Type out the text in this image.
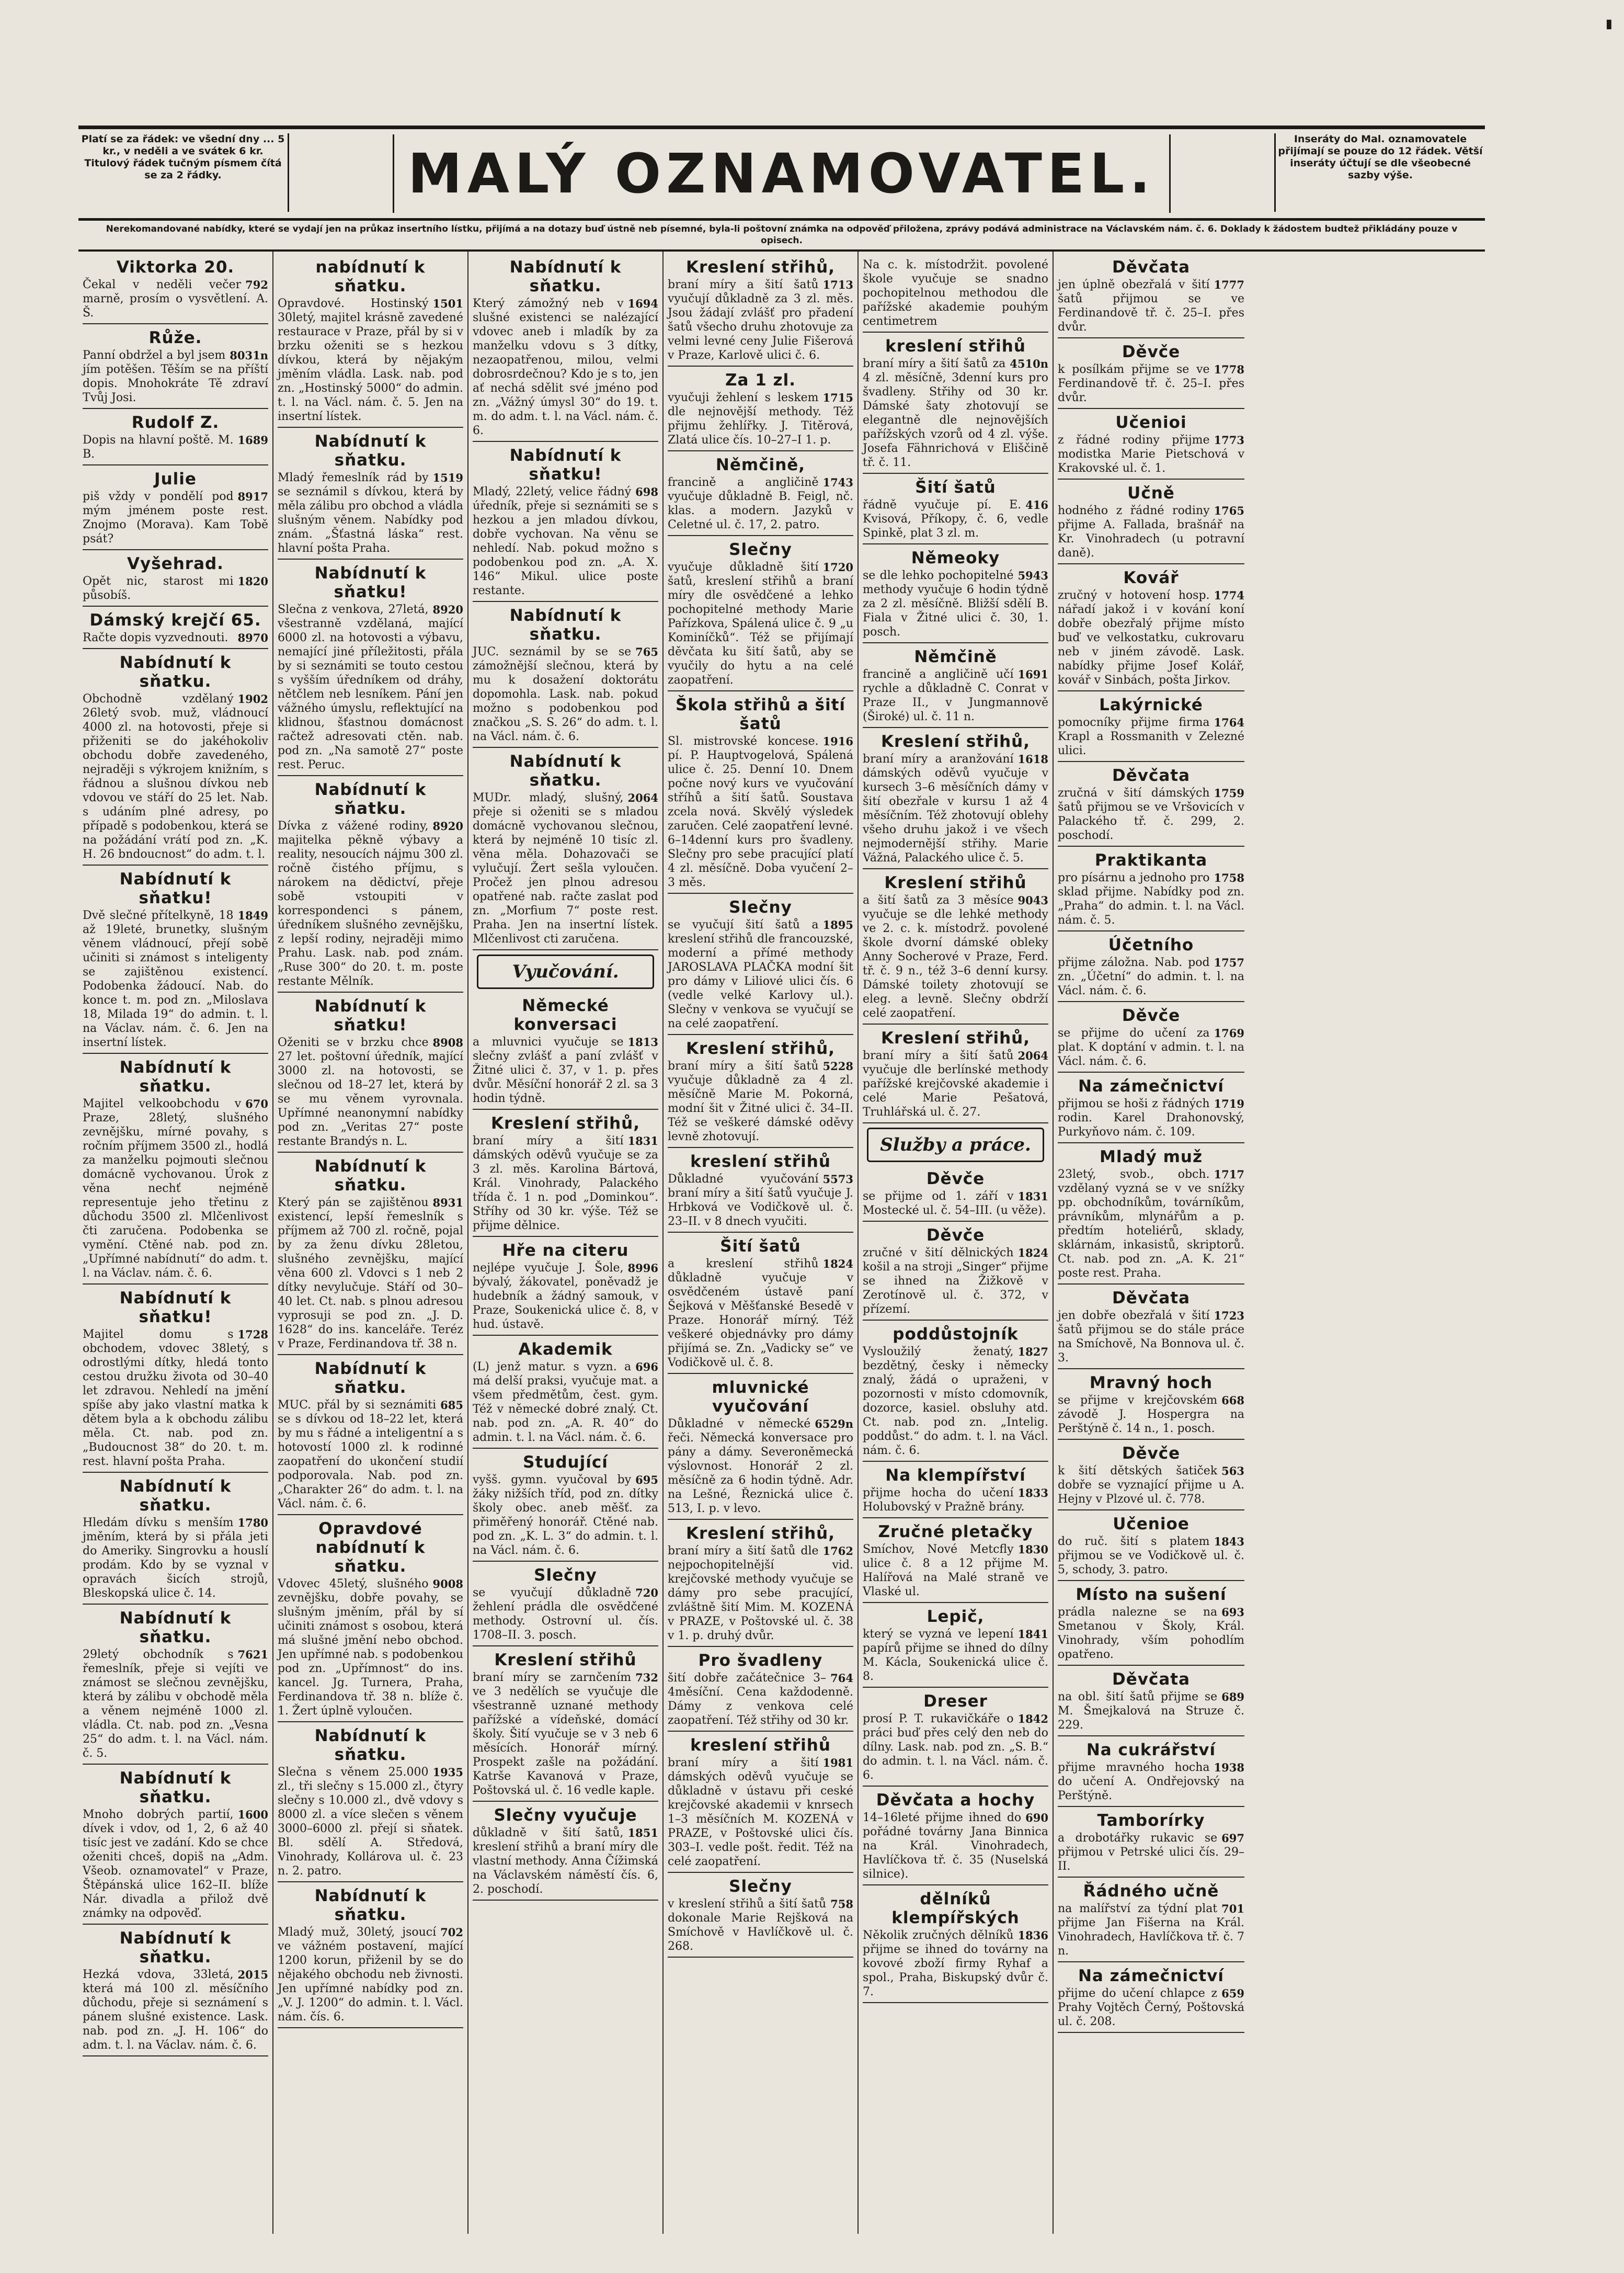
▮
Platí se za řádek: ve všední dny ... 5 kr., v neděli a ve svátek 6 kr. Titulový řádek tučným písmem čítá se za 2 řádky.	MALÝ OZNAMOVATEL.
Inseráty do Mal. oznamovatele přijímají se pouze do 12 řádek. Větší inseráty účtují se dle všeobecné sazby výše.
Nerekomandované nabídky, které se vydají jen na průkaz insertního lístku, přijímá a na dotazy buď ústně neb písemné, byla-li poštovní známka na odpověď přiložena, zprávy podává administrace na Václavském nám. č. 6. Doklady k žádostem budtež přikládány pouze v opisech.
Viktorka 20.
792
Čekal v neděli večer marně, prosím o vysvětlení. A. Š.
Růže.
8031n
Panní obdržel a byl jsem jím potěšen. Těším se na příští dopis. Mnohokráte Tě zdraví Tvůj Josi.
Rudolf Z.
1689
Dopis na hlavní poště. M. B.
Julie
8917
piš vždy v pondělí pod mým jménem poste rest. Znojmo (Morava). Kam Tobě psát?
Vyšehrad.
1820
Opět nic, starost mi působíš.
Dámský krejčí 65.
8970
Račte dopis vyzvednouti.
Nabídnutí k sňatku.
1902
Obchodně vzdělaný 26letý svob. muž, vládnoucí 4000 zl. na hotovosti, přeje si přiženiti se do jakéhokoliv obchodu dobře zavedeného, nejraději s výkrojem knižním, s řádnou a slušnou dívkou neb vdovou ve stáří do 25 let. Nab. s udáním plné adresy, po případě s podobenkou, která se na požádání vrátí pod zn. „K. H. 26 bndoucnost“ do adm. t. l.
Nabídnutí k sňatku!
1849
Dvě slečné přítelkyně, 18 až 19leté, brunetky, slušným věnem vládnoucí, přejí sobě učiniti si známost s inteligenty se zajištěnou existencí. Podobenka žádoucí. Nab. do konce t. m. pod zn. „Miloslava 18, Milada 19“ do admin. t. l. na Václav. nám. č. 6. Jen na insertní lístek.
Nabídnutí k sňatku.
670
Majitel velkoobchodu v Praze, 28letý, slušného zevnějšku, mírné povahy, s ročním příjmem 3500 zl., hodlá za manželku pojmouti slečnou domácně vychovanou. Úrok z věna nechť nejméně representuje jeho třetinu z důchodu 3500 zl. Mlčenlivost čti zaručena. Podobenka se vymění. Ctěné nab. pod zn. „Upřímné nabídnutí“ do adm. t. l. na Václav. nám. č. 6.
Nabídnutí k sňatku!
1728
Majitel domu s obchodem, vdovec 38letý, s odrostlými dítky, hledá tonto cestou družku života od 30–40 let zdravou. Nehledí na jmění spíše aby jako vlastní matka k dětem byla a k obchodu zálibu měla. Ct. nab. pod zn. „Budoucnost 38“ do 20. t. m. rest. hlavní pošta Praha.
Nabídnutí k sňatku.
1780
Hledám dívku s menším jměním, která by si přála jeti do Ameriky. Singrovku a houslí prodám. Kdo by se vyznal v opravách šicích strojů, Bleskopská ulice č. 14.
Nabídnutí k sňatku.
7621
29letý obchodník s řemeslník, přeje si vejíti ve známost se slečnou zevnějšku, která by zálibu v obchodě měla a věnem nejméně 1000 zl. vládla. Ct. nab. pod zn. „Vesna 25“ do adm. t. l. na Václ. nám. č. 5.
Nabídnutí k sňatku.
1600
Mnoho dobrých partií, dívek i vdov, od 1, 2, 6 až 40 tisíc jest ve zadání. Kdo se chce oženiti chceš, dopiš na „Adm. Všeob. oznamovatel“ v Praze, Štěpánská ulice 162–II. blíže Nár. divadla a přilož dvě známky na odpověď.
Nabídnutí k sňatku.
2015
Hezká vdova, 33letá, která má 100 zl. měsíčního důchodu, přeje si seznámení s pánem slušné existence. Lask. nab. pod zn. „J. H. 106“ do adm. t. l. na Václav. nám. č. 6.
nabídnutí k sňatku.
1501
Opravdové. Hostinský 30letý, majitel krásně zavedené restaurace v Praze, přál by si v brzku oženiti se s hezkou dívkou, která by nějakým jměním vládla. Lask. nab. pod zn. „Hostinský 5000“ do admin. t. l. na Václ. nám. č. 5. Jen na insertní lístek.
Nabídnutí k sňatku.
1519
Mladý řemeslník rád by se seznámil s dívkou, která by měla zálibu pro obchod a vládla slušným věnem. Nabídky pod znám. „Šťastná láska“ rest. hlavní pošta Praha.
Nabídnutí k sňatku!
8920
Slečna z venkova, 27letá, všestranně vzdělaná, mající 6000 zl. na hotovosti a výbavu, nemající jiné příležitosti, přála by si seznámiti se touto cestou s vyšším úředníkem od dráhy, nětčlem neb lesníkem. Pání jen vážného úmyslu, reflektující na klidnou, šťastnou domácnost račtež adresovati ctěn. nab. pod zn. „Na samotě 27“ poste rest. Peruc.
Nabídnutí k sňatku.
8920
Dívka z vážené rodiny, majitelka pěkně výbavy a reality, nesoucích nájmu 300 zl. ročně čistého příjmu, s nárokem na dědictví, přeje sobě vstoupiti v korrespondenci s pánem, úředníkem slušného zevnějšku, z lepší rodiny, nejraději mimo Prahu. Lask. nab. pod znám. „Ruse 300“ do 20. t. m. poste restante Mělník.
Nabídnutí k sňatku!
8908
Oženiti se v brzku chce 27 let. poštovní úředník, mající 3000 zl. na hotovosti, se slečnou od 18–27 let, která by se mu věnem vyrovnala. Upřímné neanonymní nabídky pod zn. „Veritas 27“ poste restante Brandýs n. L.
Nabídnutí k sňatku.
8931
Který pán se zajištěnou existencí, lepší řemeslník s příjmem až 700 zl. ročně, pojal by za ženu dívku 28letou, slušného zevnějšku, mající věna 600 zl. Vdovci s 1 neb 2 dítky nevylučuje. Stáří od 30–40 let. Ct. nab. s plnou adresou vyprosuji se pod zn. „J. D. 1628“ do ins. kanceláře. Teréz v Praze, Ferdinandova tř. 38 n.
Nabídnutí k sňatku.
685
MUC. přál by si seznámiti se s dívkou od 18–22 let, která by mu s řádné a inteligentní a s hotovostí 1000 zl. k rodinné zaopatření do ukončení studií podporovala. Nab. pod zn. „Charakter 26“ do adm. t. l. na Václ. nám. č. 6.
Opravdové nabídnutí k sňatku.
9008
Vdovec 45letý, slušného zevnějšku, dobře povahy, se slušným jměním, přál by sí učiniti známost s osobou, která má slušné jmění nebo obchod. Jen upřímné nab. s podobenkou pod zn. „Upřímnost“ do ins. kancel. Jg. Turnera, Praha, Ferdinandova tř. 38 n. blíže č. 1. Žert úplně vyloučen.
Nabídnutí k sňatku.
1935
Slečna s věnem 25.000 zl., tři slečny s 15.000 zl., čtyry slečny s 10.000 zl., dvě vdovy s 8000 zl. a více slečen s věnem 3000–6000 zl. přejí si sňatek. Bl. sdělí A. Středová, Vinohrady, Kollárova ul. č. 23 n. 2. patro.
Nabídnutí k sňatku.
702
Mladý muž, 30letý, jsoucí ve vážném postavení, mající 1200 korun, přiženil by se do nějakého obchodu neb živnosti. Jen upřímné nabídky pod zn. „V. J. 1200“ do admin. t. l. Václ. nám. čís. 6.
Nabídnutí k sňatku.
1694
Který zámožný neb v slušné existenci se nalézající vdovec aneb i mladík by za manželku vdovu s 3 dítky, nezaopatřenou, milou, velmi dobrosrdečnou? Kdo je s to, jen ať nechá sdělit své jméno pod zn. „Vážný úmysl 30“ do 19. t. m. do adm. t. l. na Václ. nám. č. 6.
Nabídnutí k sňatku!
698
Mladý, 22letý, velice řádný úředník, přeje si seznámiti se s hezkou a jen mladou dívkou, dobře vychovan. Na věnu se nehledí. Nab. pokud možno s podobenkou pod zn. „A. X. 146“ Mikul. ulice poste restante.
Nabídnutí k sňatku.
765
JUC. seznámil by se se zámožnější slečnou, která by mu k dosažení doktorátu dopomohla. Lask. nab. pokud možno s podobenkou pod značkou „S. S. 26“ do adm. t. l. na Václ. nám. č. 6.
Nabídnutí k sňatku.
2064
MUDr. mladý, slušný, přeje si oženiti se s mladou domácně vychovanou slečnou, která by nejméně 10 tisíc zl. věna měla. Dohazovači se vylučují. Žert sešla vyloučen. Pročež jen plnou adresou opatřené nab. račte zaslat pod zn. „Morfium 7“ poste rest. Praha. Jen na insertní lístek. Mlčenlivost cti zaručena.
Vyučování.
Německé konversaci
1813
a mluvnici vyučuje se slečny zvlášť a paní zvlášť v Žitné ulici č. 37, v 1. p. přes dvůr. Měsíční honorář 2 zl. sa 3 hodin týdně.
Kreslení střihů,
1831
braní míry a šití dámských oděvů vyučuje se za 3 zl. měs. Karolina Bártová, Král. Vinohrady, Palackého třída č. 1 n. pod „Dominkou“. Stříhy od 30 kr. výše. Též se přijme dělnice.
Hře na citeru
8996
nejlépe vyučuje J. Šole, bývalý, žákovatel, poněvadž je hudebník a žádný samouk, v Praze, Soukenická ulice č. 8, v hud. ústavě.
Akademik
696
(L) jenž matur. s vyzn. a má delší praksi, vyučuje mat. a všem předmětům, čest. gym. Též v německé dobré znalý. Ct. nab. pod zn. „A. R. 40“ do admin. t. l. na Václ. nám. č. 6.
Studující
695
vyšš. gymn. vyučoval by žáky nižších tříd, pod zn. dítky školy obec. aneb měšť. za přiměřený honorář. Ctěné nab. pod zn. „K. L. 3“ do admin. t. l. na Václ. nám. č. 6.
Slečny
720
se vyučují důkladně žehlení prádla dle osvědčené methody. Ostrovní ul. čís. 1708–II. 3. posch.
Kreslení střihů
732
braní míry se zarnčením ve 3 nedělích se vyučuje dle všestranně uznané methody pařížské a vídeňské, domácí školy. Šití vyučuje se v 3 neb 6 měsících. Honorář mírný. Prospekt zašle na požádání. Katrše Kavanová v Praze, Poštovská ul. č. 16 vedle kaple.
Slečny vyučuje
1851
důkladně v šití šatů, kreslení střihů a braní míry dle vlastní methody. Anna Čížimská na Václavském náměstí čís. 6, 2. poschodí.
Kreslení střihů,
1713
braní míry a šití šatů vyučují důkladně za 3 zl. měs. Jsou žádají zvlášť pro přadení šatů všecho druhu zhotovuje za velmi levné ceny Julie Fišerová v Praze, Karlově ulici č. 6.
Za 1 zl.
1715
vyučuji žehlení s leskem dle nejnovější methody. Též přijmu žehlířky. J. Titěrová, Zlatá ulice čís. 10–27–I 1. p.
Němčině,
1743
francině a angličině vyučuje důkladně B. Feigl, nč. klas. a modern. Jazyků v Celetné ul. č. 17, 2. patro.
Slečny
1720
vyučuje důkladně šití šatů, kreslení střihů a braní míry dle osvědčené a lehko pochopitelné methody Marie Pařízkova, Spálená ulice č. 9 „u Kominíčků“. Též se přijímají děvčata ku šití šatů, aby se vyučily do hytu a na celé zaopatření.
Škola střihů a šití šatů
1916
Sl. mistrovské koncese. pí. P. Hauptvogelová, Spálená ulice č. 25. Denní 10. Dnem počne nový kurs ve vyučování stříhů a šití šatů. Soustava zcela nová. Skvělý výsledek zaručen. Celé zaopatření levné. 6–14denní kurs pro švadleny. Slečny pro sebe pracující platí 4 zl. měsíčně. Doba vyučení 2–3 měs.
Slečny
1895
se vyučují šití šatů a kreslení střihů dle francouzské, moderní a přímé methody JAROSLAVA PLAČKA modní šit pro dámy v Liliové ulici čís. 6 (vedle velké Karlovy ul.). Slečny v venkova se vyučují se na celé zaopatření.
Kreslení střihů,
5228
braní míry a šití šatů vyučuje důkladně za 4 zl. měsíčně Marie M. Pokorná, modní šit v Žitné ulici č. 34–II. Též se veškeré dámské oděvy levně zhotovují.
kreslení střihů
5573
Důkladné vyučování braní míry a šití šatů vyučuje J. Hrbková ve Vodičkově ul. č. 23–II. v 8 dnech vyučiti.
Šití šatů
1824
a kreslení střihů důkladně vyučuje v osvědčeném ústavě paní Šejková v Měšťanské Besedě v Praze. Honorář mírný. Též veškeré objednávky pro dámy přijímá se. Zn. „Vadicky se“ ve Vodičkově ul. č. 8.
mluvnické vyučování
6529n
Důkladné v německé řeči. Německá konversace pro pány a dámy. Severoněmecká výslovnost. Honorář 2 zl. měsíčně za 6 hodin týdně. Adr. na Lešné, Řeznická ulice č. 513, I. p. v levo.
Kreslení střihů,
1762
braní míry a šití šatů dle nejpochopitelnější vid. krejčovské methody vyučuje se dámy pro sebe pracující, zvláštně šití Mim. M. KOZENÁ v PRAZE, v Poštovské ul. č. 38 v 1. p. druhý dvůr.
Pro švadleny
764
šití dobře začátečnice 3–4měsíční. Cena každodenně. Dámy z venkova celé zaopatření. Též střihy od 30 kr.
kreslení střihů
1981
braní míry a šití dámských oděvů vyučuje se důkladně v ústavu při ceské krejčovské akademii v knrsech 1–3 měsíčních M. KOZENÁ v PRAZE, v Poštovské ulici čís. 303–I. vedle pošt. ředit. Též na celé zaopatření.
Slečny
758
v kreslení střihů a šití šatů dokonale Marie Rejšková na Smíchově v Havlíčkově ul. č. 268.
Na c. k. místodržit. povolené škole vyučuje se snadno pochopitelnou methodou dle pařížské akademie pouhým centimetrem
kreslení střihů
4510n
braní míry a šití šatů za 4 zl. měsíčně, 3denní kurs pro švadleny. Střihy od 30 kr. Dámské šaty zhotovují se elegantně dle nejnovějších pařížských vzorů od 4 zl. výše. Josefa Fähnrichová v Eliščině tř. č. 11.
Šití šatů
416
řádně vyučuje pí. E. Kvisová, Příkopy, č. 6, vedle Spinkě, plat 3 zl. m.
Němeoky
5943
se dle lehko pochopitelné methody vyučuje 6 hodin týdně za 2 zl. měsíčně. Bližší sdělí B. Fiala v Žitné ulici č. 30, 1. posch.
Němčině
1691
francině a angličině učí rychle a důkladně C. Conrat v Praze II., v Jungmannově (Široké) ul. č. 11 n.
Kreslení střihů,
1618
braní míry a aranžování dámských oděvů vyučuje v kursech 3–6 měsíčních dámy v šití obezřale v kursu 1 až 4 měsíčním. Též zhotovují oblehy všeho druhu jakož i ve všech nejmodernější střihy. Marie Vážná, Palackého ulice č. 5.
Kreslení střihů
9043
a šití šatů za 3 měsíce vyučuje se dle lehké methody ve 2. c. k. místodrž. povolené škole dvorní dámské obleky Anny Socherové v Praze, Ferd. tř. č. 9 n., též 3–6 denní kursy. Dámské toilety zhotovují se eleg. a levně. Slečny obdrží celé zaopatření.
Kreslení střihů,
2064
braní míry a šití šatů vyučuje dle berlínské methody pařížské krejčovské akademie i celé Marie Pešatová, Truhlářská ul. č. 27.
Služby a práce.
Děvče
1831
se přijme od 1. září v Mostecké ul. č. 54–III. (u věže).
Děvče
1824
zručné v šití dělnických košil a na stroji „Singer“ přijme se ihned na Žižkově v Zerotínově ul. č. 372, v přízemí.
poddůstojník
1827
Vysloužilý ženatý, bezdětný, česky i německy znalý, žádá o upraženi, v pozornosti v místo cdomovník, dozorce, kasiel. obsluhy atd. Ct. nab. pod zn. „Intelig. poddůst.“ do adm. t. l. na Václ. nám. č. 6.
Na klempířství
1833
přijme hocha do učení Holubovský v Pražně brány.
Zručné pletačky
1830
Smíchov, Nové Metcfly ulice č. 8 a 12 přijme M. Halířová na Malé straně ve Vlaské ul.
Lepič,
1841
který se vyzná ve lepení papírů přijme se ihned do dílny M. Kácla, Soukenická ulice č. 8.
Dreser
1842
prosí P. T. rukavičkáře o práci buď přes celý den neb do dílny. Lask. nab. pod zn. „S. B.“ do admin. t. l. na Václ. nám. č. 6.
Děvčata a hochy
690
14–16leté přijme ihned do pořádné továrny Jana Binnica na Král. Vinohradech, Havlíčkova tř. č. 35 (Nuselská silnice).
dělníků klempířských
1836
Několik zručných dělníků přijme se ihned do továrny na kovové zboží firmy Ryhaf a spol., Praha, Biskupský dvůr č. 7.
Děvčata
1777
jen úplně obezřalá v šití šatů přijmou se ve Ferdinandově tř. č. 25–I. přes dvůr.
Děvče
1778
k posílkám přijme se ve Ferdinandově tř. č. 25–I. přes dvůr.
Učenioi
1773
z řádné rodiny přijme modistka Marie Pietschová v Krakovské ul. č. 1.
Učně
1765
hodného z řádné rodiny přijme A. Fallada, brašnář na Kr. Vinohradech (u potravní daně).
Kovář
1774
zručný v hotovení hosp. nářadí jakož i v kování koní dobře obezřalý přijme místo buď ve velkostatku, cukrovaru neb v jiném závodě. Lask. nabídky přijme Josef Kolář, kovář v Sinbách, pošta Jirkov.
Lakýrnické
1764
pomocníky přijme firma Krapl a Rossmanith v Zelezné ulici.
Děvčata
1759
zručná v šití dámských šatů přijmou se ve Vršovicích v Palackého tř. č. 299, 2. poschodí.
Praktikanta
1758
pro písárnu a jednoho pro sklad přijme. Nabídky pod zn. „Praha“ do admin. t. l. na Václ. nám. č. 5.
Účetního
1757
přijme záložna. Nab. pod zn. „Účetní“ do admin. t. l. na Václ. nám. č. 6.
Děvče
1769
se přijme do učení za plat. K doptání v admin. t. l. na Václ. nám. č. 6.
Na zámečnictví
1719
přijmou se hoši z řádných rodin. Karel Drahonovský, Purkyňovo nám. č. 109.
Mladý muž
1717
23letý, svob., obch. vzdělaný vyzná se v ve snížky pp. obchodníkům, továrníkům, právníkům, mlynářům a p. předtím hoteliérů, sklady, sklárnám, inkasistů, skriptorů. Ct. nab. pod zn. „A. K. 21“ poste rest. Praha.
Děvčata
1723
jen dobře obezřalá v šití šatů přijmou se do stále práce na Smíchově, Na Bonnova ul. č. 3.
Mravný hoch
668
se přijme v krejčovském závodě J. Hospergra na Perštýně č. 14 n., 1. posch.
Děvče
563
k šití dětských šatiček dobře se vyznající přijme u A. Hejny v Plzové ul. č. 778.
Učenioe
1843
do ruč. šití s platem přijmou se ve Vodičkově ul. č. 5, schody, 3. patro.
Místo na sušení
693
prádla nalezne se na Smetanou v Školy, Král. Vinohrady, vším pohodlím opatřeno.
Děvčata
689
na obl. šití šatů přijme se M. Šmejkalová na Struze č. 229.
Na cukrářství
1938
přijme mravného hocha do učení A. Ondřejovský na Perštýně.
Tamborírky
697
a drobotářky rukavic se přijmou v Petrské ulici čís. 29–II.
Řádného učně
701
na malířství za týdní plat přijme Jan Fišerna na Král. Vinohradech, Havlíčkova tř. č. 7 n.
Na zámečnictví
659
přijme do učení chlapce z Prahy Vojtěch Černý, Poštovská ul. č. 208.
